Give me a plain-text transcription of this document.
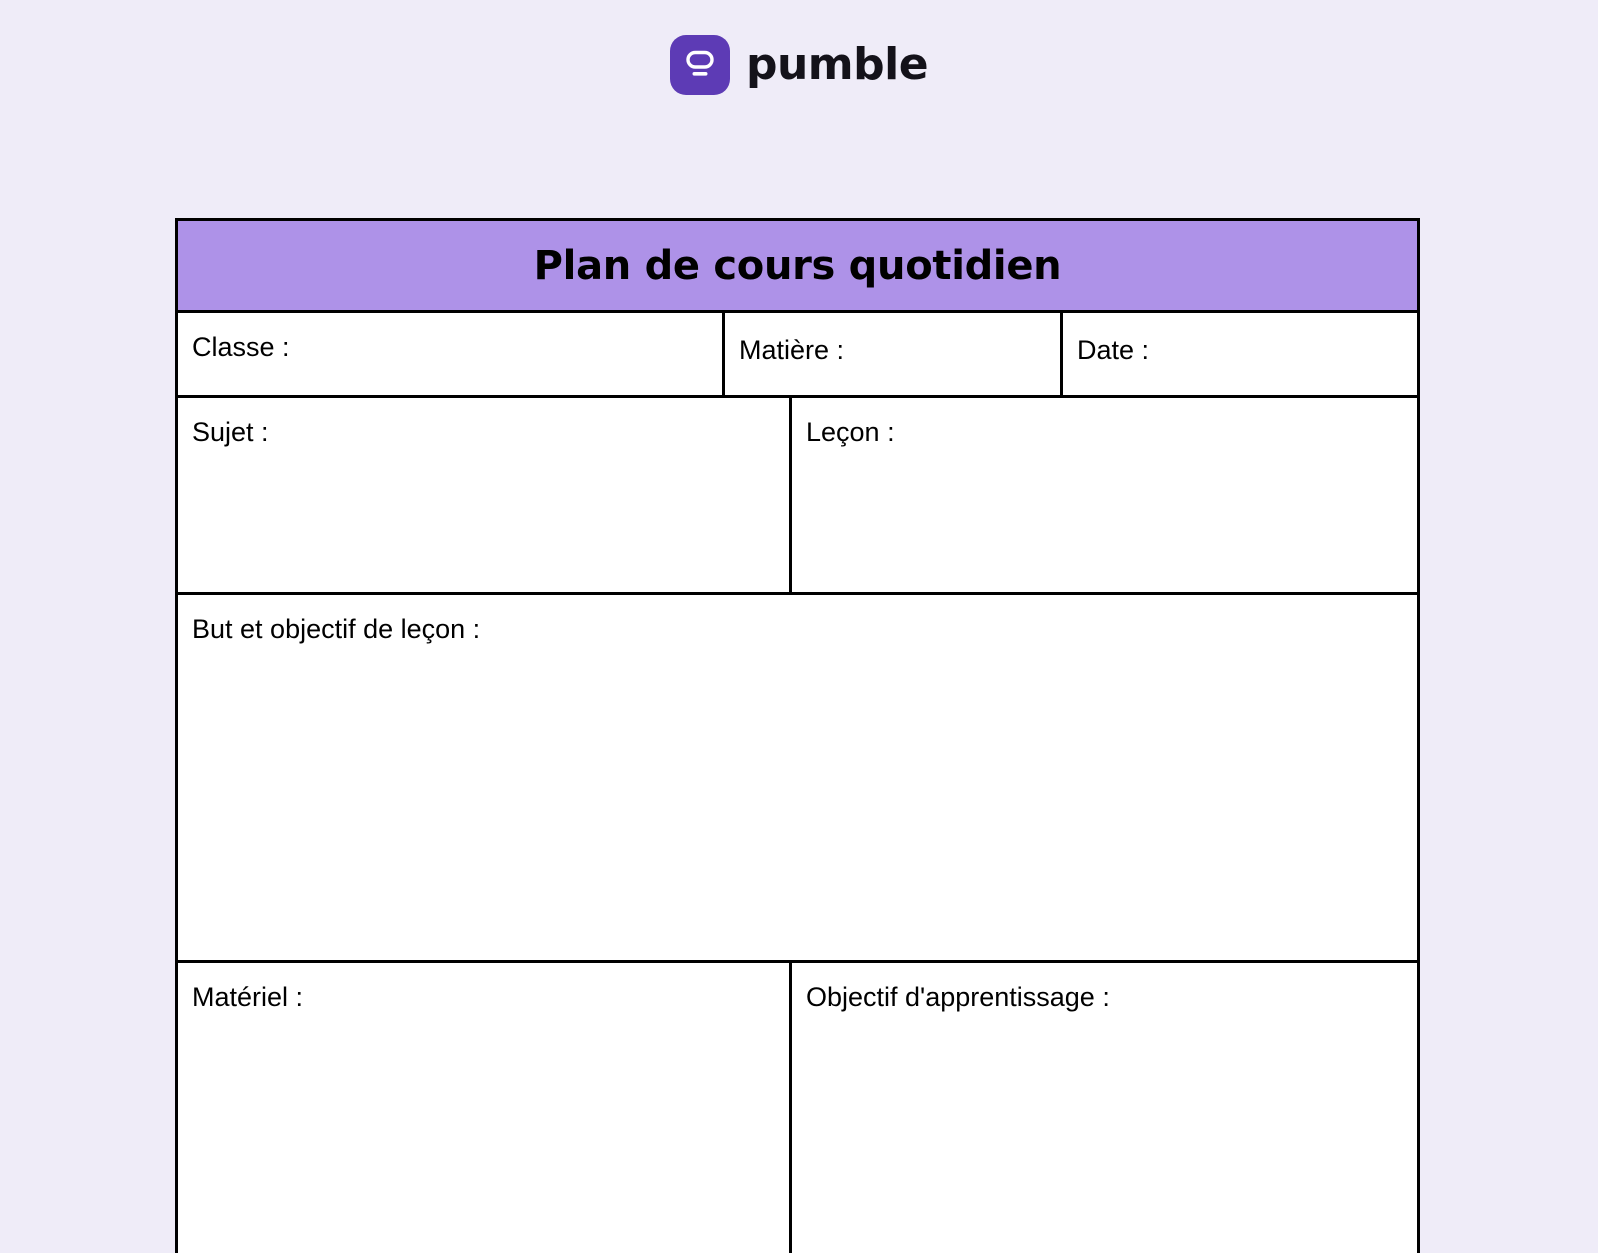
pumble
Plan de cours quotidien
Classe :	Matière :	Date :
Sujet :	Leçon :
But et objectif de leçon :
Matériel :	Objectif d'apprentissage :
